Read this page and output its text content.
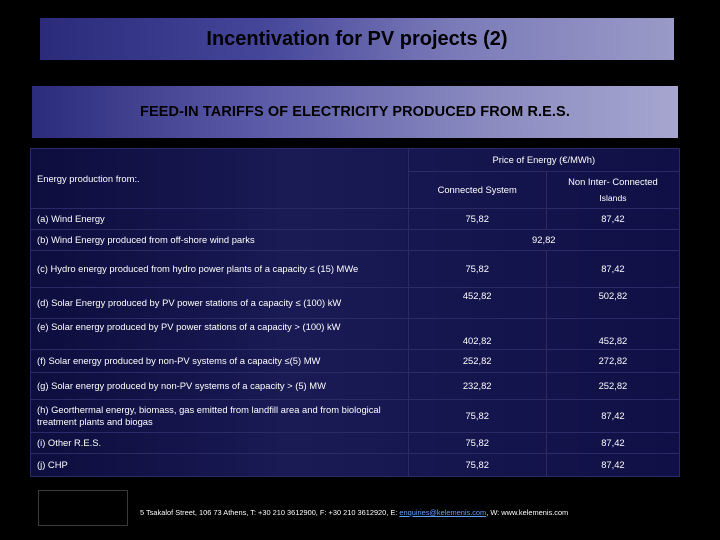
Incentivation for PV projects (2)
FEED-IN TARIFFS OF ELECTRICITY PRODUCED FROM R.E.S.
Energy production from:.	Price of Energy (€/MWh)	
	Connected System	Non Inter- Connected
Islands

(a) Wind Energy	75,82	87,42
(b) Wind Energy produced from off-shore wind parks	92,82	
(c) Hydro energy produced from hydro power plants of a capacity ≤ (15) MWe	75,82	87,42
(d) Solar Energy produced by PV power stations of a capacity ≤ (100) kW	452,82	502,82
(e) Solar energy produced by PV power stations of a capacity > (100) kW	402,82	452,82
(f) Solar energy produced by non-PV systems of a capacity ≤(5) MW	252,82	272,82
(g) Solar energy produced by non-PV systems of a capacity > (5) MW	232,82	252,82
(h) Georthermal energy, biomass, gas emitted from landfill area and from biological treatment plants and biogas	75,82	87,42
(i) Other R.E.S.	75,82	87,42
(j) CHP	75,82	87,42
5 Tsakalof Street, 106 73 Athens, T: +30 210 3612900, F: +30 210 3612920, E: enquiries@kelemenis.com, W: www.kelemenis.com
